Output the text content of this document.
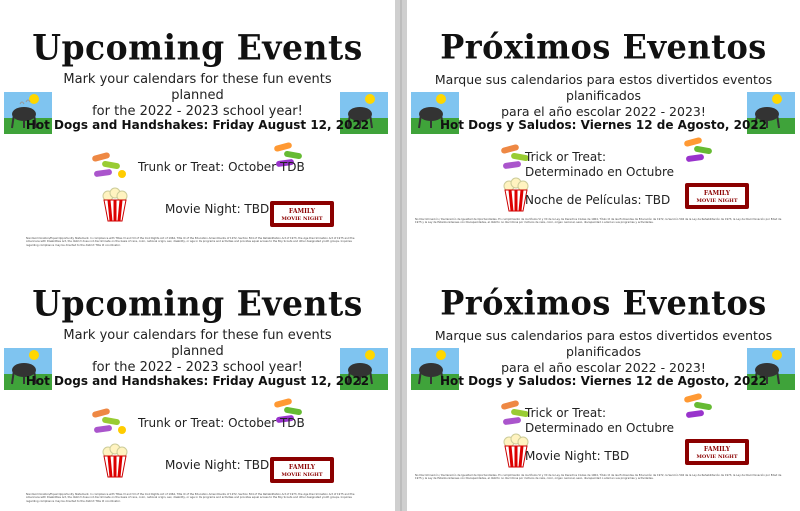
Upcoming Events
Mark your calendars for these fun events planned
for the 2022 - 2023 school year!
Hot Dogs and Handshakes: Friday August 12, 2022
Trunk or Treat: October TDB
Movie Night: TBD	FAMILY
MOVIE NIGHT
Nondiscrimination/Equal Opportunity Statement. In compliance with Titles VI and VII of the Civil Rights Act of 1964, Title IX of the Education Amendments of 1972, Section 504 of the Rehabilitation Act of 1973, the Age Discrimination Act of 1975 and the Americans with Disabilities Act, the district does not discriminate on the basis of race, color, national origin, sex, disability, or age in its programs and activities and provides equal access to the Boy Scouts and other designated youth groups. Inquiries regarding compliance may be directed to the district Title IX coordinator.
Upcoming Events
Mark your calendars for these fun events planned
for the 2022 - 2023 school year!
Hot Dogs and Handshakes: Friday August 12, 2022
Trunk or Treat: October TDB
Movie Night: TBD	FAMILY
MOVIE NIGHT
Nondiscrimination/Equal Opportunity Statement. In compliance with Titles VI and VII of the Civil Rights Act of 1964, Title IX of the Education Amendments of 1972, Section 504 of the Rehabilitation Act of 1973, the Age Discrimination Act of 1975 and the Americans with Disabilities Act, the district does not discriminate on the basis of race, color, national origin, sex, disability, or age in its programs and activities and provides equal access to the Boy Scouts and other designated youth groups. Inquiries regarding compliance may be directed to the district Title IX coordinator.
Próximos Eventos
Marque sus calendarios para estos divertidos eventos planificados
para el año escolar 2022 - 2023!
Hot Dogs y Saludos: Viernes 12 de Agosto, 2022
Trick or Treat: Determinado en Octubre
Noche de Películas: TBD	FAMILY
MOVIE NIGHT
No Discriminación / Declaración de Igualdad de Oportunidades. En cumplimiento de los títulos VI y VII de la Ley de Derechos Civiles de 1964, Título IX de las Enmiendas de Educación de 1972, la Sección 504 de la Ley de Rehabilitación de 1973, la Ley de Discriminación por Edad de 1975 y la Ley de Estadounidenses con Discapacidades, el distrito no discrimina por motivos de raza, color, origen nacional, sexo, discapacidad o edad en sus programas y actividades.
Próximos Eventos
Marque sus calendarios para estos divertidos eventos planificados
para el año escolar 2022 - 2023!
Hot Dogs y Saludos: Viernes 12 de Agosto, 2022
Trick or Treat: Determinado en Octubre
Movie Night: TBD	FAMILY
MOVIE NIGHT
No Discriminación / Declaración de Igualdad de Oportunidades. En cumplimiento de los títulos VI y VII de la Ley de Derechos Civiles de 1964, Título IX de las Enmiendas de Educación de 1972, la Sección 504 de la Ley de Rehabilitación de 1973, la Ley de Discriminación por Edad de 1975 y la Ley de Estadounidenses con Discapacidades, el distrito no discrimina por motivos de raza, color, origen nacional, sexo, discapacidad o edad en sus programas y actividades.
